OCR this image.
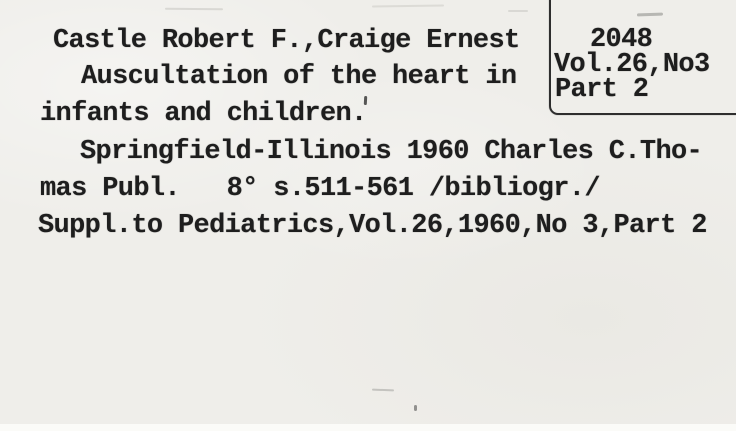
Castle Robert F.,Craige Ernest
Auscultation of the heart in
infants and children.
Springfield-Illinois 1960 Charles C.Tho-
mas Publ.   8° s.511-561 /bibliogr./
Suppl.to Pediatrics,Vol.26,1960,No 3,Part 2
2048
Vol.26,No3
Part 2
